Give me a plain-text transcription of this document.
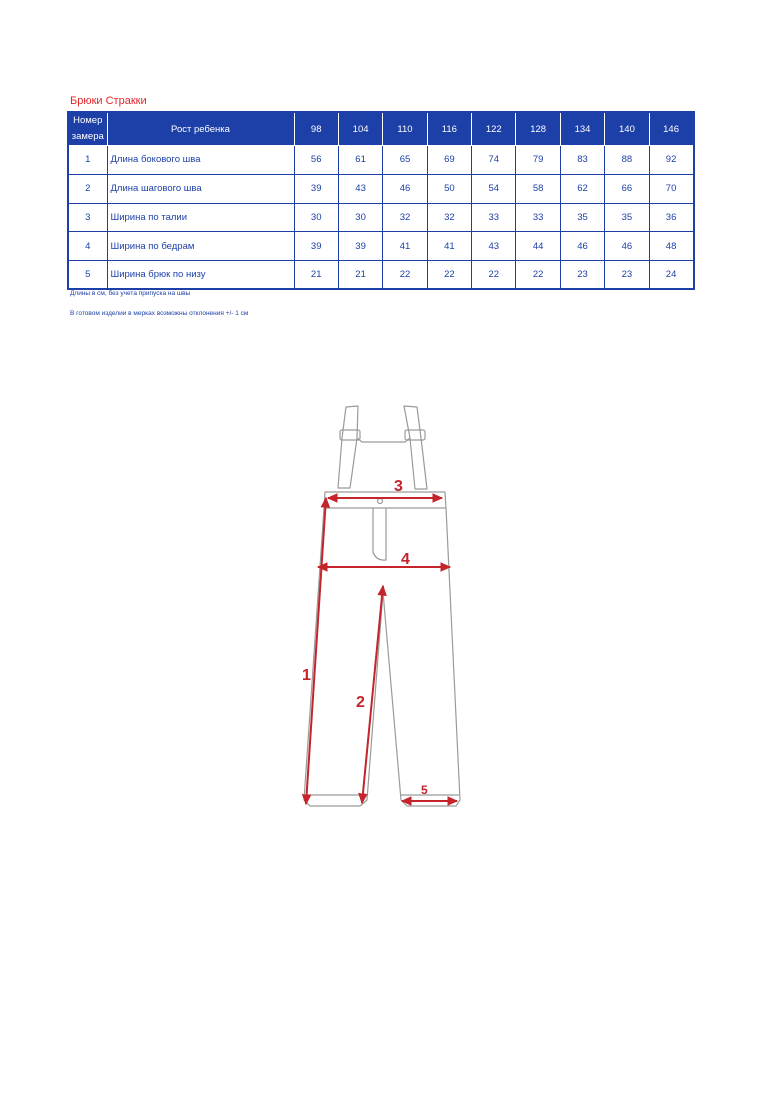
Брюки Стракки
Номер замера	Рост ребенка	98	104	110	116	122	128	134	140	146
1	Длина бокового шва	56	61	65	69	74	79	83	88	92
2	Длина шагового шва	39	43	46	50	54	58	62	66	70
3	Ширина по талии	30	30	32	32	33	33	35	35	36
4	Ширина по бедрам	39	39	41	41	43	44	46	46	48
5	Ширина брюк по низу	21	21	22	22	22	22	23	23	24
Длины в см, без учета припуска на швы
В готовом изделии в мерках возможны отклонения +/- 1 см
1
2
3
4
5
